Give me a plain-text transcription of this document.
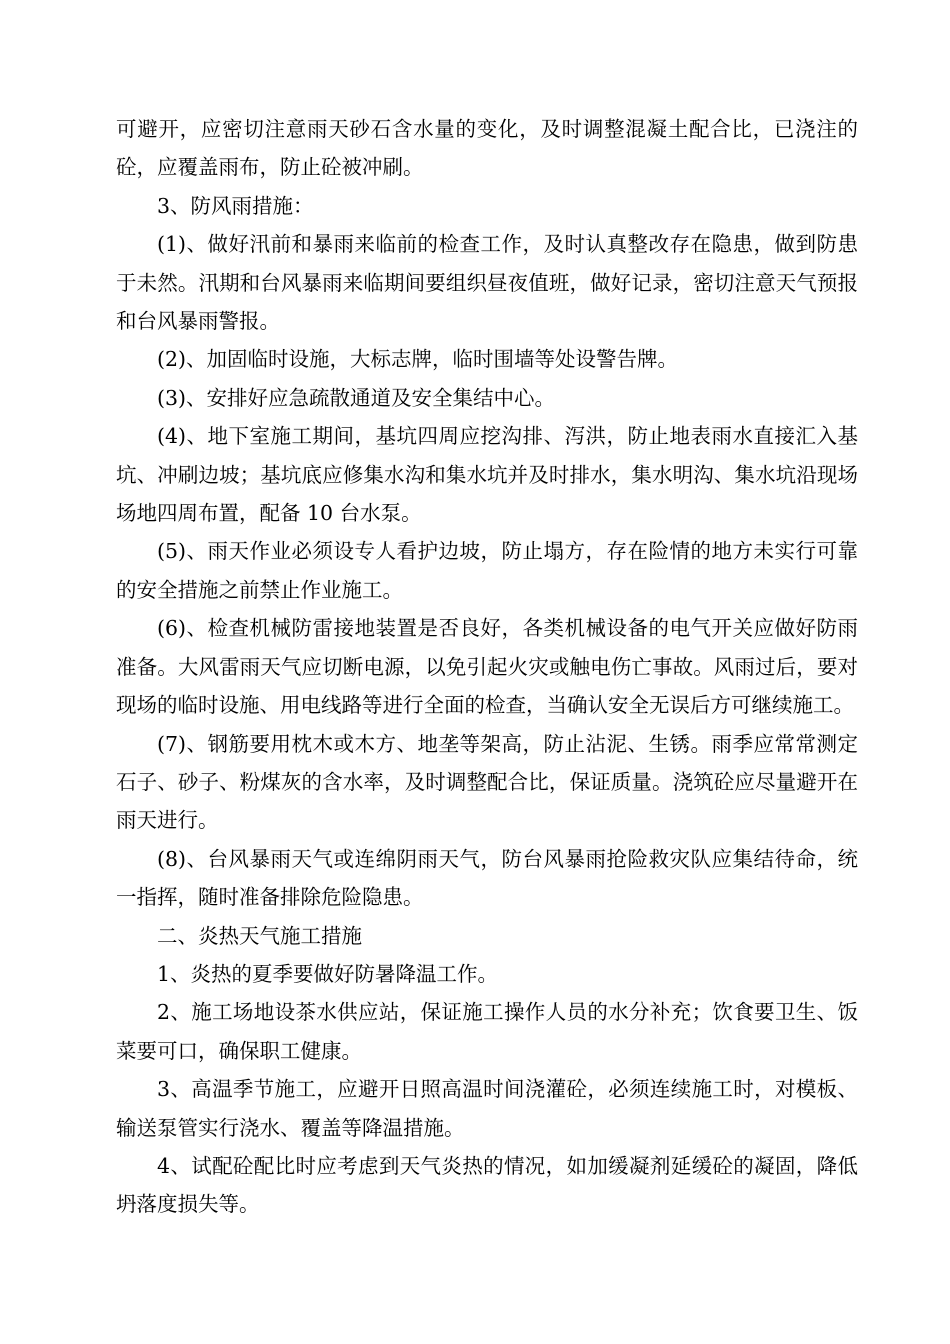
可避开，应密切注意雨天砂石含水量的变化，及时调整混凝土配合比，已浇注的砼，应覆盖雨布，防止砼被冲刷。

3、防风雨措施：

(1)、做好汛前和暴雨来临前的检查工作，及时认真整改存在隐患，做到防患于未然。汛期和台风暴雨来临期间要组织昼夜值班，做好记录，密切注意天气预报和台风暴雨警报。

(2)、加固临时设施，大标志牌，临时围墙等处设警告牌。

(3)、安排好应急疏散通道及安全集结中心。

(4)、地下室施工期间，基坑四周应挖沟排、泻洪，防止地表雨水直接汇入基坑、冲刷边坡；基坑底应修集水沟和集水坑并及时排水，集水明沟、集水坑沿现场场地四周布置，配备 10 台水泵。

(5)、雨天作业必须设专人看护边坡，防止塌方，存在险情的地方未实行可靠的安全措施之前禁止作业施工。

(6)、检查机械防雷接地装置是否良好，各类机械设备的电气开关应做好防雨准备。大风雷雨天气应切断电源，以免引起火灾或触电伤亡事故。风雨过后，要对现场的临时设施、用电线路等进行全面的检查，当确认安全无误后方可继续施工。

(7)、钢筋要用枕木或木方、地垄等架高，防止沾泥、生锈。雨季应常常测定石子、砂子、粉煤灰的含水率，及时调整配合比，保证质量。浇筑砼应尽量避开在雨天进行。

(8)、台风暴雨天气或连绵阴雨天气，防台风暴雨抢险救灾队应集结待命，统一指挥，随时准备排除危险隐患。

二、炎热天气施工措施

1、炎热的夏季要做好防暑降温工作。

2、施工场地设茶水供应站，保证施工操作人员的水分补充；饮食要卫生、饭菜要可口，确保职工健康。

3、高温季节施工，应避开日照高温时间浇灌砼，必须连续施工时，对模板、输送泵管实行浇水、覆盖等降温措施。

4、试配砼配比时应考虑到天气炎热的情况，如加缓凝剂延缓砼的凝固，降低坍落度损失等。
